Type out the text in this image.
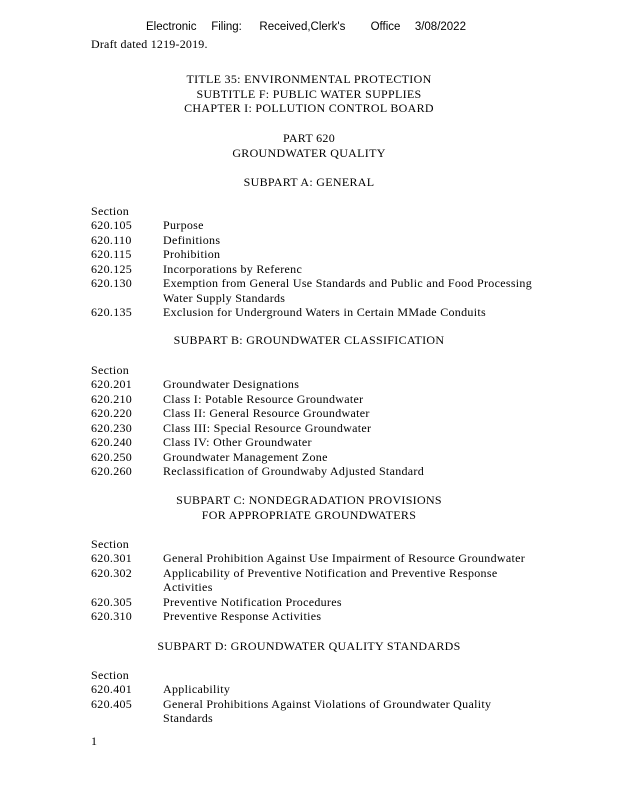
Electronic Filing: Received,Clerk's Office 3/08/2022
Draft dated 1219-2019.
TITLE 35: ENVIRONMENTAL PROTECTION
SUBTITLE F: PUBLIC WATER SUPPLIES
CHAPTER I: POLLUTION CONTROL BOARD
PART 620
GROUNDWATER QUALITY
SUBPART A: GENERAL
Section
620.105	Purpose
620.110	Definitions
620.115	Prohibition
620.125	Incorporations by Referenc
620.130	Exemption from General Use Standards and Public and Food Processing Water Supply Standards
620.135	Exclusion for Underground Waters in Certain MMade Conduits
SUBPART B: GROUNDWATER CLASSIFICATION
Section
620.201	Groundwater Designations
620.210	Class I: Potable Resource Groundwater
620.220	Class II: General Resource Groundwater
620.230	Class III: Special Resource Groundwater
620.240	Class IV: Other Groundwater
620.250	Groundwater Management Zone
620.260	Reclassification of Groundwaby Adjusted Standard
SUBPART C: NONDEGRADATION PROVISIONS
FOR APPROPRIATE GROUNDWATERS
Section
620.301	General Prohibition Against Use Impairment of Resource Groundwater
620.302	Applicability of Preventive Notification and Preventive Response Activities
620.305	Preventive Notification Procedures
620.310	Preventive Response Activities
SUBPART D: GROUNDWATER QUALITY STANDARDS
Section
620.401	Applicability
620.405	General Prohibitions Against Violations of Groundwater Quality Standards
1
